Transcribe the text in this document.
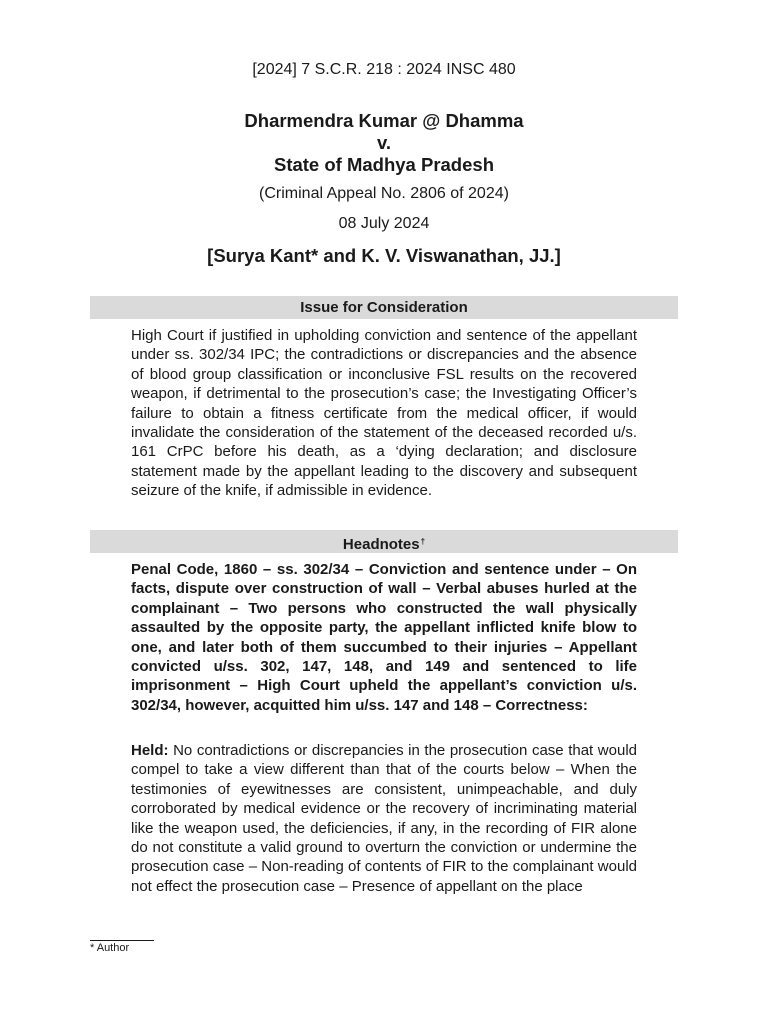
[2024] 7 S.C.R. 218 : 2024 INSC 480
Dharmendra Kumar @ Dhamma
v.
State of Madhya Pradesh
(Criminal Appeal No. 2806 of 2024)
08 July 2024
[Surya Kant* and K. V. Viswanathan, JJ.]
Issue for Consideration
High Court if justified in upholding conviction and sentence of the appellant under ss. 302/34 IPC; the contradictions or discrepancies and the absence of blood group classification or inconclusive FSL results on the recovered weapon, if detrimental to the prosecution’s case; the Investigating Officer’s failure to obtain a fitness certificate from the medical officer, if would invalidate the consideration of the statement of the deceased recorded u/s. 161 CrPC before his death, as a ‘dying declaration; and disclosure statement made by the appellant leading to the discovery and subsequent seizure of the knife, if admissible in evidence.
Headnotes†
Penal Code, 1860 – ss. 302/34 – Conviction and sentence under – On facts, dispute over construction of wall – Verbal abuses hurled at the complainant – Two persons who constructed the wall physically assaulted by the opposite party, the appellant inflicted knife blow to one, and later both of them succumbed to their injuries – Appellant convicted u/ss. 302, 147, 148, and 149 and sentenced to life imprisonment – High Court upheld the appellant’s conviction u/s. 302/34, however, acquitted him u/ss. 147 and 148 – Correctness:
Held: No contradictions or discrepancies in the prosecution case that would compel to take a view different than that of the courts below – When the testimonies of eyewitnesses are consistent, unimpeachable, and duly corroborated by medical evidence or the recovery of incriminating material like the weapon used, the deficiencies, if any, in the recording of FIR alone do not constitute a valid ground to overturn the conviction or undermine the prosecution case – Non-reading of contents of FIR to the complainant would not effect the prosecution case – Presence of appellant on the place
* Author
